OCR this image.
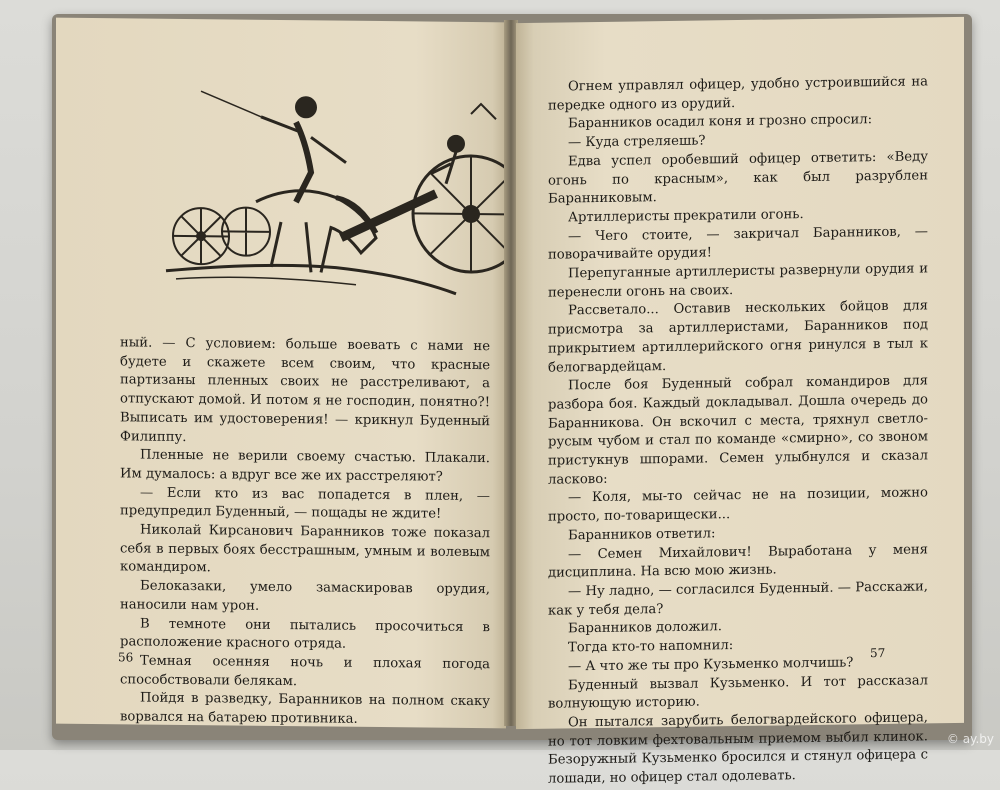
ный. — С условием: больше воевать с нами не будете и скажете всем своим, что красные партизаны пленных своих не расстреливают, а отпускают домой. И потом я не господин, понятно?! Выписать им удостоверения! — крикнул Буденный Филиппу.

Пленные не верили своему счастью. Плакали. Им думалось: а вдруг все же их расстреляют?

— Если кто из вас попадется в плен, — предупредил Буденный, — пощады не ждите!

Николай Кирсанович Баранников тоже показал себя в первых боях бесстрашным, умным и волевым командиром.

Белоказаки, умело замаскировав орудия, наносили нам урон.

В темноте они пытались просочиться в расположение красного отряда.

Темная осенняя ночь и плохая погода способствовали белякам.

Пойдя в разведку, Баранников на полном скаку ворвался на батарею противника.

56

Огнем управлял офицер, удобно устроившийся на передке одного из орудий.

Баранников осадил коня и грозно спросил:

— Куда стреляешь?

Едва успел оробевший офицер ответить: «Веду огонь по красным», как был разрублен Баранниковым.

Артиллеристы прекратили огонь.

— Чего стоите, — закричал Баранников, — поворачивайте орудия!

Перепуганные артиллеристы развернули орудия и перенесли огонь на своих.

Рассветало... Оставив нескольких бойцов для присмотра за артиллеристами, Баранников под прикрытием артиллерийского огня ринулся в тыл к белогвардейцам.

После боя Буденный собрал командиров для разбора боя. Каждый докладывал. Дошла очередь до Баранникова. Он вскочил с места, тряхнул светло-русым чубом и стал по команде «смирно», со звоном пристукнув шпорами. Семен улыбнулся и сказал ласково:

— Коля, мы-то сейчас не на позиции, можно просто, по-товарищески...

Баранников ответил:

— Семен Михайлович! Выработана у меня дисциплина. На всю мою жизнь.

— Ну ладно, — согласился Буденный. — Расскажи, как у тебя дела?

Баранников доложил.

Тогда кто-то напомнил:

— А что же ты про Кузьменко молчишь?

Буденный вызвал Кузьменко. И тот рассказал волнующую историю.

Он пытался зарубить белогвардейского офицера, но тот ловким фехтовальным приемом выбил клинок. Безоружный Кузьменко бросился и стянул офицера с лошади, но офицер стал одолевать.

57
© ay.by
